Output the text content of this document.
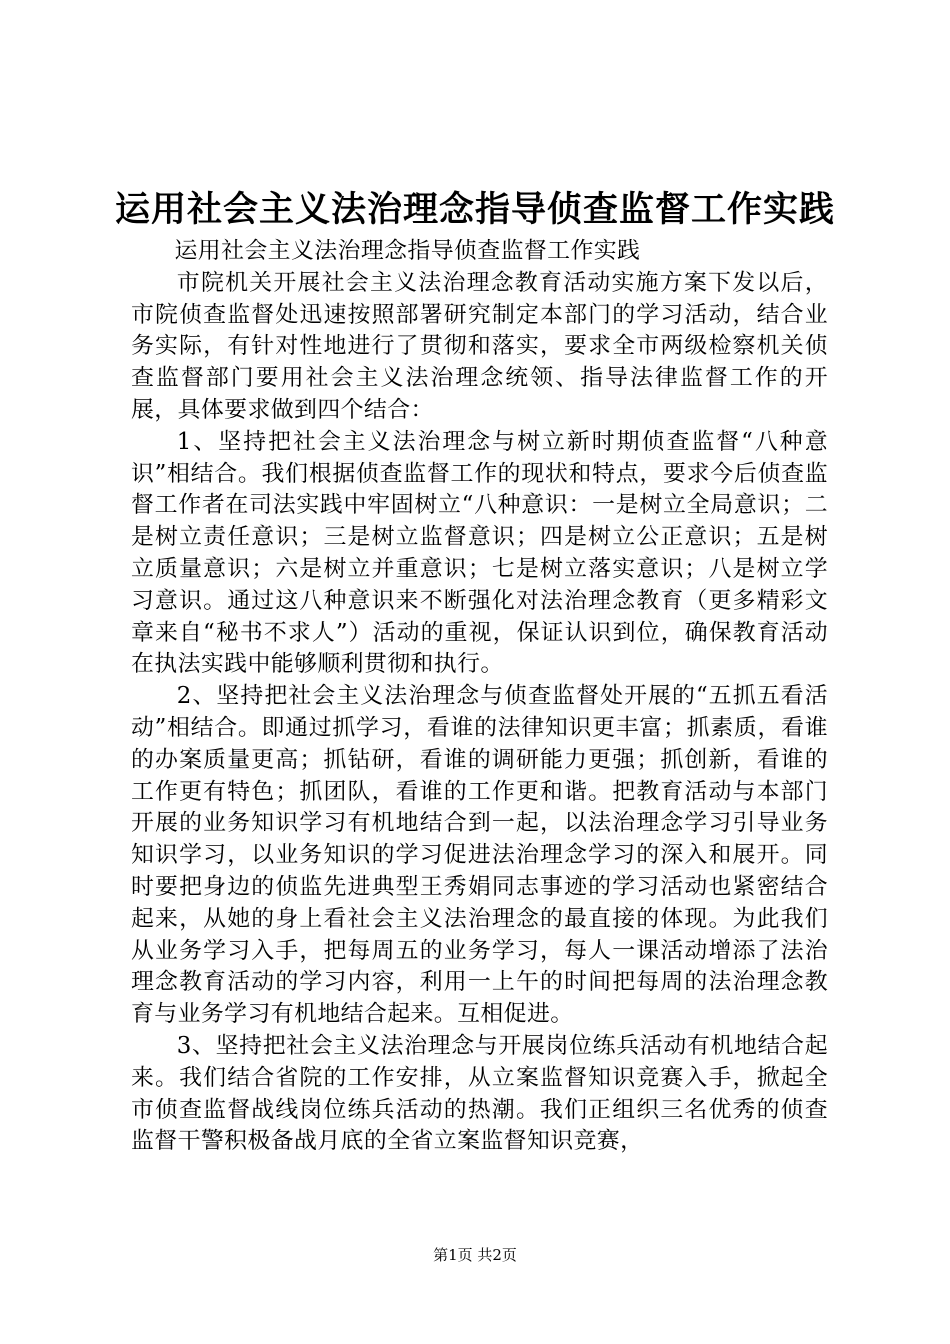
运用社会主义法治理念指导侦查监督工作实践

运用社会主义法治理念指导侦查监督工作实践

市院机关开展社会主义法治理念教育活动实施方案下发以后，市院侦查监督处迅速按照部署研究制定本部门的学习活动，结合业务实际，有针对性地进行了贯彻和落实，要求全市两级检察机关侦查监督部门要用社会主义法治理念统领、指导法律监督工作的开展，具体要求做到四个结合：

1、坚持把社会主义法治理念与树立新时期侦查监督“八种意识”相结合。我们根据侦查监督工作的现状和特点，要求今后侦查监督工作者在司法实践中牢固树立“八种意识：一是树立全局意识；二是树立责任意识；三是树立监督意识；四是树立公正意识；五是树立质量意识；六是树立并重意识；七是树立落实意识；八是树立学习意识。通过这八种意识来不断强化对法治理念教育（更多精彩文章来自“秘书不求人”）活动的重视，保证认识到位，确保教育活动在执法实践中能够顺利贯彻和执行。

2、坚持把社会主义法治理念与侦查监督处开展的“五抓五看活动”相结合。即通过抓学习，看谁的法律知识更丰富；抓素质，看谁的办案质量更高；抓钻研，看谁的调研能力更强；抓创新，看谁的工作更有特色；抓团队，看谁的工作更和谐。把教育活动与本部门开展的业务知识学习有机地结合到一起，以法治理念学习引导业务知识学习，以业务知识的学习促进法治理念学习的深入和展开。同时要把身边的侦监先进典型王秀娟同志事迹的学习活动也紧密结合起来，从她的身上看社会主义法治理念的最直接的体现。为此我们从业务学习入手，把每周五的业务学习，每人一课活动增添了法治理念教育活动的学习内容，利用一上午的时间把每周的法治理念教育与业务学习有机地结合起来。互相促进。

3、坚持把社会主义法治理念与开展岗位练兵活动有机地结合起来。我们结合省院的工作安排，从立案监督知识竞赛入手，掀起全市侦查监督战线岗位练兵活动的热潮。我们正组织三名优秀的侦查监督干警积极备战月底的全省立案监督知识竞赛，

第1页 共2页
